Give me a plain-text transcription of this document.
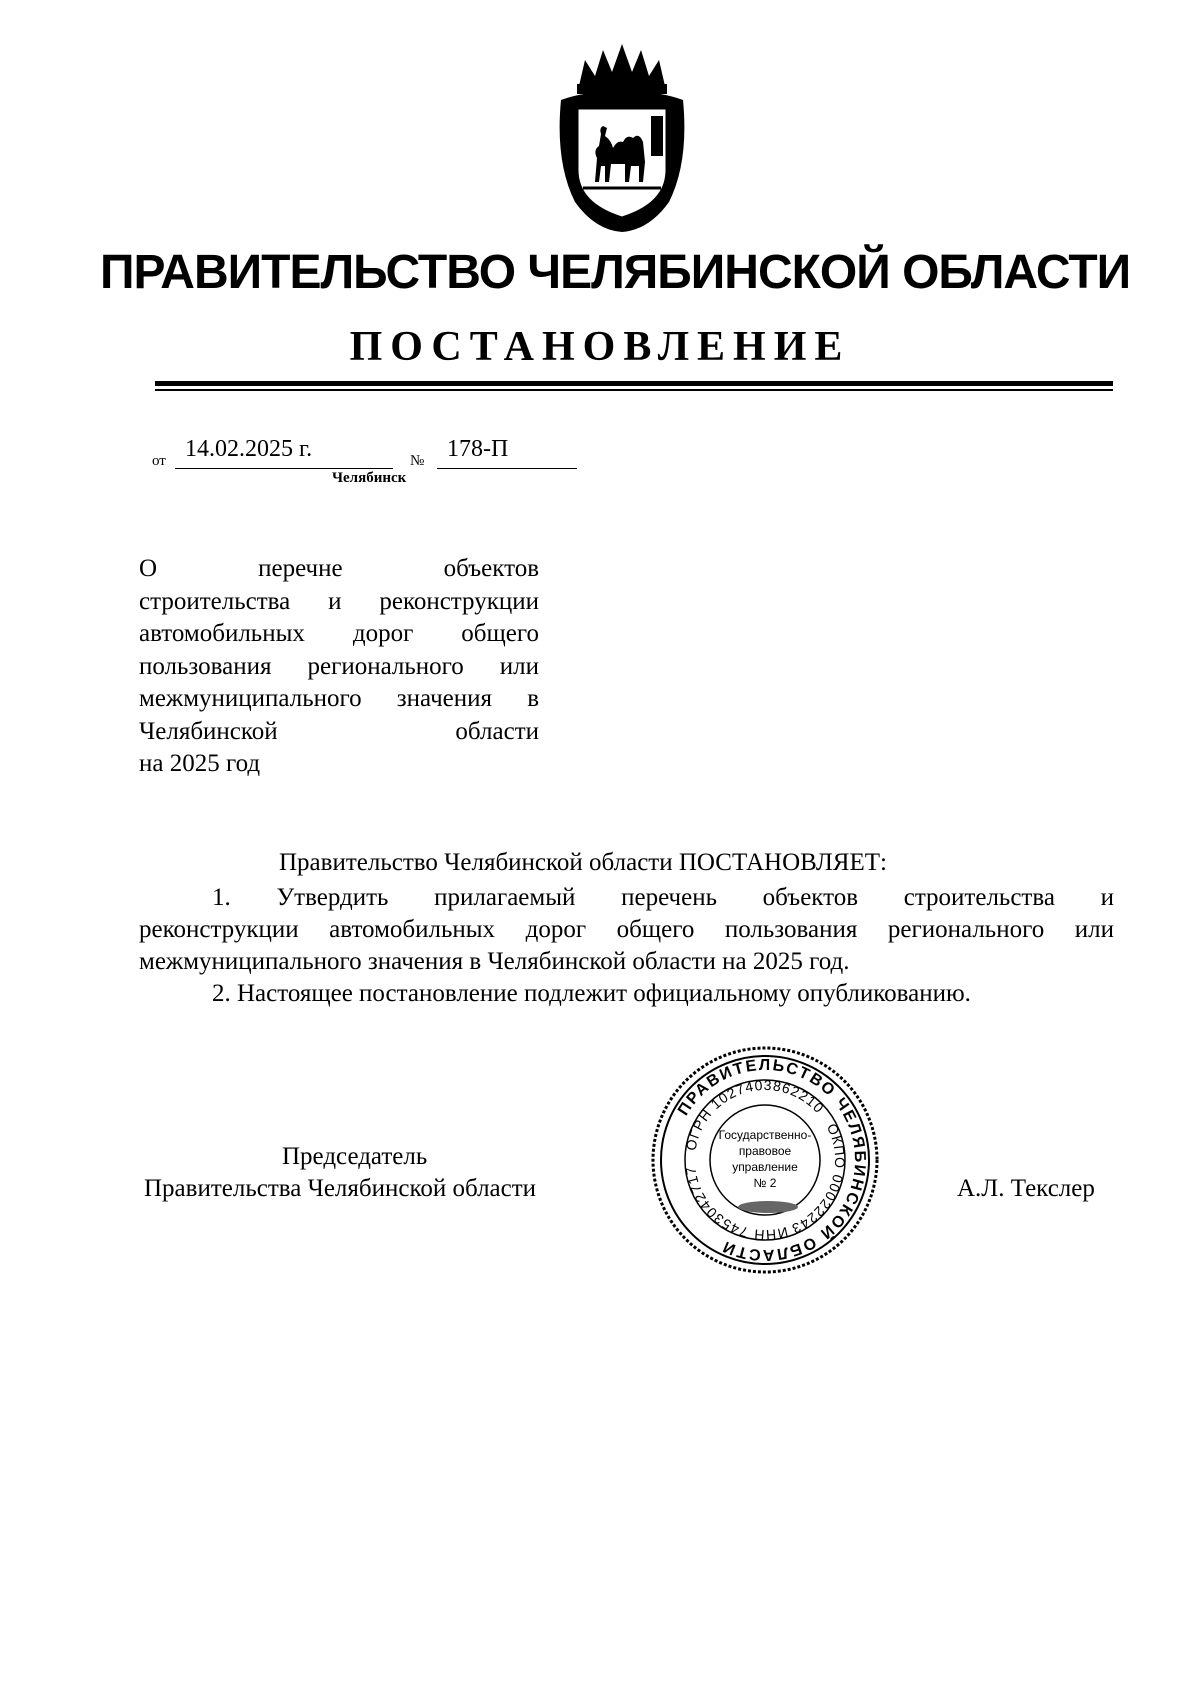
ПРАВИТЕЛЬСТВО ЧЕЛЯБИНСКОЙ ОБЛАСТИ
ПОСТАНОВЛЕНИЕ
от 14.02.2025 г.	№ 178-П
Челябинск
О перечне объектов
строительства и реконструкции
автомобильных дорог общего
пользования регионального или
межмуниципального значения в
Челябинской области
на 2025 год
Правительство Челябинской области ПОСТАНОВЛЯЕТ:
1. Утвердить прилагаемый перечень объектов строительства и
реконструкции автомобильных дорог общего пользования регионального или
межмуниципального значения в Челябинской области на 2025 год.
2. Настоящее постановление подлежит официальному опубликованию.
Председатель
Правительства Челябинской области	А.Л. Текслер
ПРАВИТЕЛЬСТВО ЧЕЛЯБИНСКОЙ ОБЛАСТИ
ОГРН 1027403862210
ОКПО 00022243
ИНН 7453042717
Государственно-
правовое
управление
№ 2
